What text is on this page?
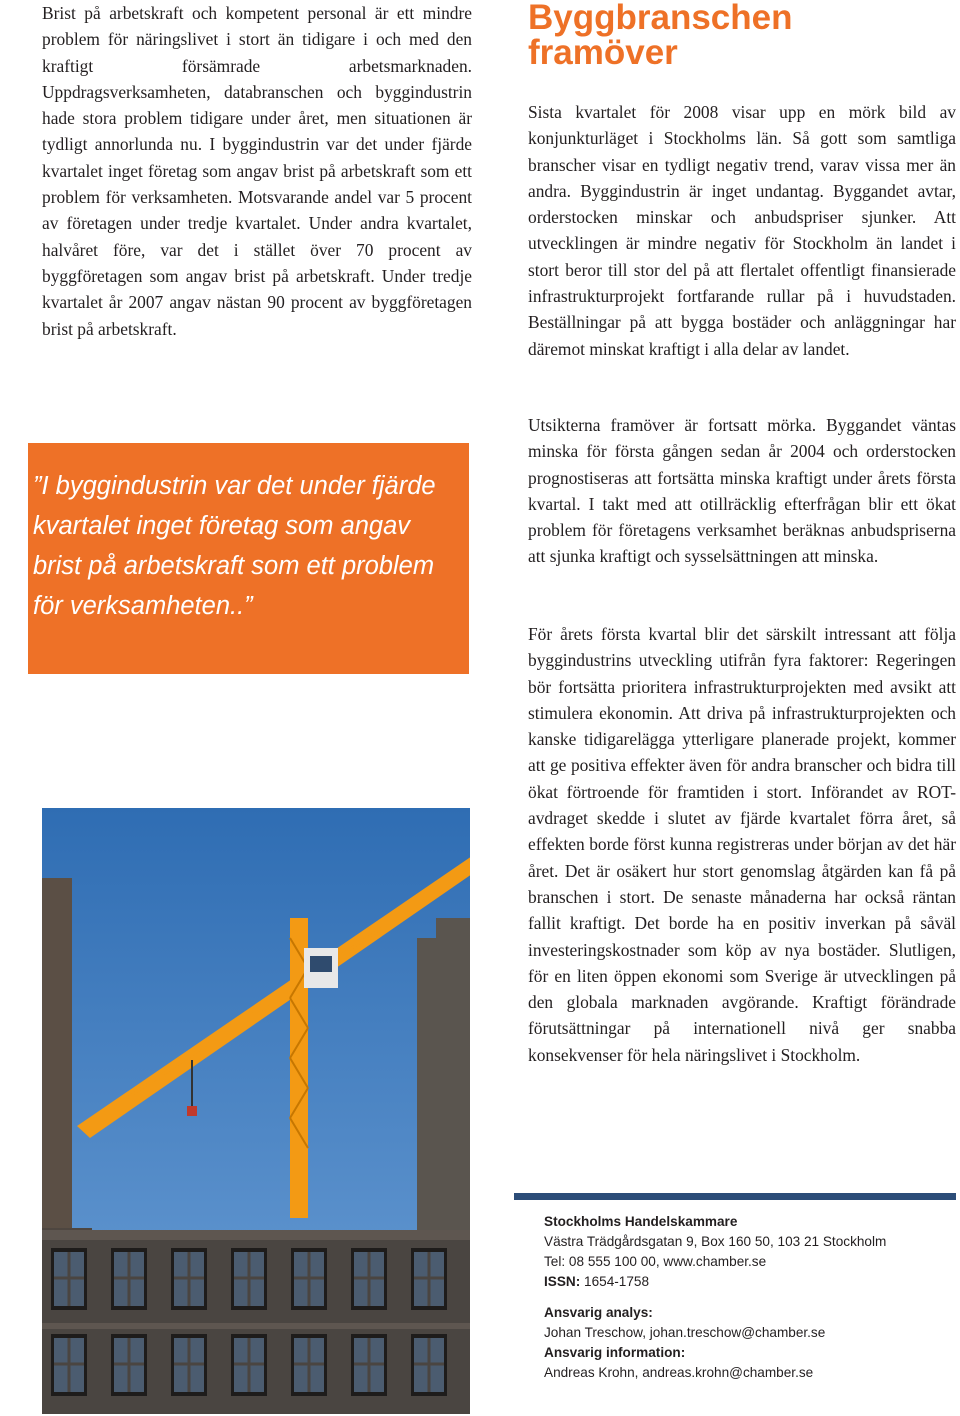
Brist på arbetskraft och kompetent personal är ett mindre problem för näringslivet i stort än tidigare i och med den kraftigt försämrade arbetsmarknaden. Uppdragsverksamheten, databranschen och byggindustrin hade stora problem tidigare under året, men situationen är tydligt annorlunda nu. I byggindustrin var det under fjärde kvartalet inget företag som angav brist på arbetskraft som ett problem för verksamheten. Motsvarande andel var 5 procent av företagen under tredje kvartalet. Under andra kvartalet, halvåret före, var det i stället över 70 procent av byggföretagen som angav brist på arbetskraft. Under tredje kvartalet år 2007 angav nästan 90 procent av byggföretagen brist på arbetskraft.

”I byggindustrin var det under fjärde kvartalet inget företag som angav brist på arbetskraft som ett problem för verksamheten..”

Byggbranschen framöver

Sista kvartalet för 2008 visar upp en mörk bild av konjunkturläget i Stockholms län. Så gott som samtliga branscher visar en tydligt negativ trend, varav vissa mer än andra. Byggindustrin är inget undantag. Byggandet avtar, orderstocken minskar och anbudspriser sjunker. Att utvecklingen är mindre negativ för Stockholm än landet i stort beror till stor del på att flertalet offentligt finansierade infrastrukturprojekt fortfarande rullar på i huvudstaden. Beställningar på att bygga bostäder och anläggningar har däremot minskat kraftigt i alla delar av landet.

Utsikterna framöver är fortsatt mörka. Byggandet väntas minska för första gången sedan år 2004 och orderstocken prognostiseras att fortsätta minska kraftigt under årets första kvartal. I takt med att otillräcklig efterfrågan blir ett ökat problem för företagens verksamhet beräknas anbudspriserna att sjunka kraftigt och sysselsättningen att minska.

För årets första kvartal blir det särskilt intressant att följa byggindustrins utveckling utifrån fyra faktorer: Regeringen bör fortsätta prioritera infrastrukturprojekten med avsikt att stimulera ekonomin. Att driva på infrastrukturprojekten och kanske tidigarelägga ytterligare planerade projekt, kommer att ge positiva effekter även för andra branscher och bidra till ökat förtroende för framtiden i stort. Införandet av ROT-avdraget skedde i slutet av fjärde kvartalet förra året, så effekten borde först kunna registreras under början av det här året. Det är osäkert hur stort genomslag åtgärden kan få på branschen i stort. De senaste månaderna har också räntan fallit kraftigt. Det borde ha en positiv inverkan på såväl investeringskostnader som köp av nya bostäder. Slutligen, för en liten öppen ekonomi som Sverige är utvecklingen på den globala marknaden avgörande. Kraftigt förändrade förutsättningar på internationell nivå ger snabba konsekvenser för hela näringslivet i Stockholm.

Stockholms Handelskammare
Västra Trädgårdsgatan 9, Box 160 50, 103 21 Stockholm
Tel: 08 555 100 00, www.chamber.se
ISSN: 1654-1758
Ansvarig analys:
Johan Treschow, johan.treschow@chamber.se
Ansvarig information:
Andreas Krohn, andreas.krohn@chamber.se
